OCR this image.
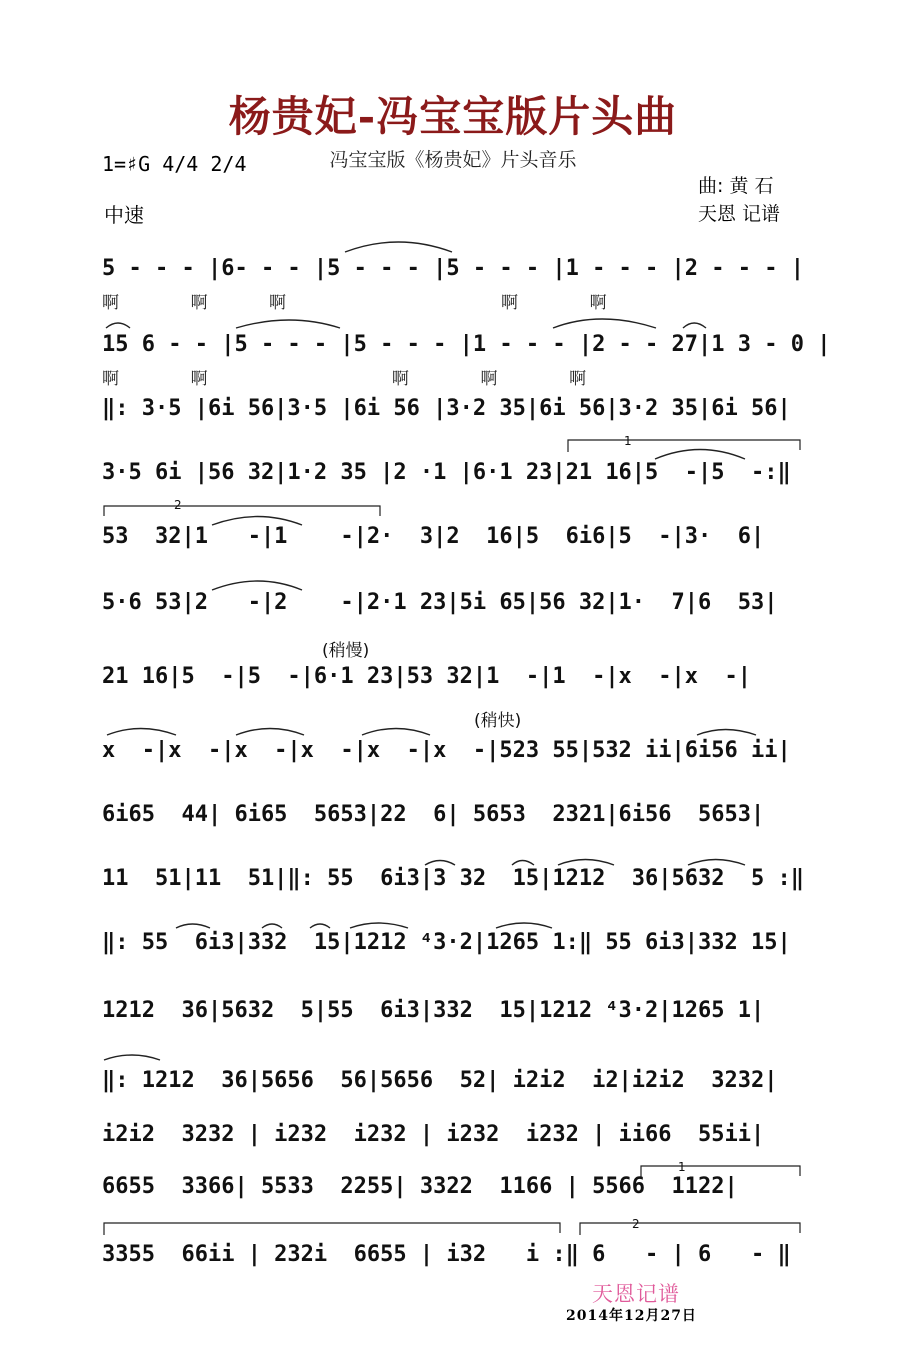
杨贵妃-冯宝宝版片头曲
冯宝宝版《杨贵妃》片头音乐
1=♯G 4/4 2/4
中速
曲: 黄 石
天恩 记谱
1
2
1
2
(稍慢)
(稍快)
5 - - - |6- - - |5 - - - |5 - - - |1 - - - |2 - - - |
啊       啊      啊                     啊       啊
15 6 - - |5 - - - |5 - - - |1 - - - |2 - - 27|1 3 - 0 |
啊       啊                  啊       啊       啊
‖: 3·5 |6i 56|3·5 |6i 56 |3·2 35|6i 56|3·2 35|6i 56|
3·5 6i |56 32|1·2 35 |2 ·1 |6·1 23|21 16|5  -|5  -:‖
53  32|1   -|1    -|2·  3|2  16|5  6i6|5  -|3·  6|
5·6 53|2   -|2    -|2·1 23|5i 65|56 32|1·  7|6  53|
21 16|5  -|5  -|6·1 23|53 32|1  -|1  -|x  -|x  -|
x  -|x  -|x  -|x  -|x  -|x  -|523 55|532 ii|6i56 ii|
6i65  44| 6i65  5653|22  6| 5653  2321|6i56  5653|
11  51|11  51|‖: 55  6i3|3 32  15|1212  36|5632  5 :‖
‖: 55  6i3|332  15|1212 ⁴3·2|1265 1:‖ 55 6i3|332 15|
1212  36|5632  5|55  6i3|332  15|1212 ⁴3·2|1265 1|
‖: 1212  36|5656  56|5656  52| i2i2  i2|i2i2  3232|
i2i2  3232 | i232  i232 | i232  i232 | ii66  55ii|
6655  3366| 5533  2255| 3322  1166 | 5566  1122|
3355  66ii | 232i  6655 | i32   i :‖ 6   - | 6   - ‖
天恩记谱
2014年12月27日
